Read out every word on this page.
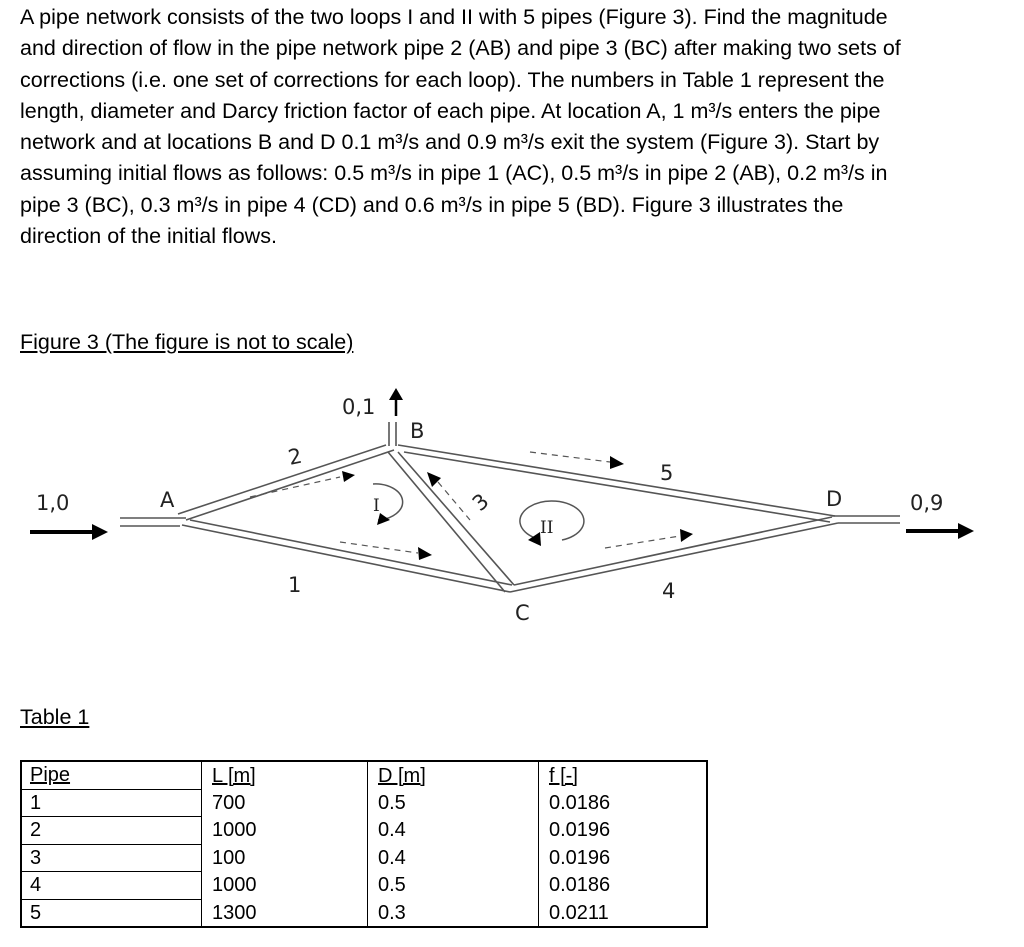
A pipe network consists of the two loops I and II with 5 pipes (Figure 3). Find the magnitude
and direction of flow in the pipe network pipe 2 (AB) and pipe 3 (BC) after making two sets of
corrections (i.e. one set of corrections for each loop). The numbers in Table 1 represent the
length, diameter and Darcy friction factor of each pipe. At location A, 1 m³/s enters the pipe
network and at locations B and D 0.1 m³/s and 0.9 m³/s exit the system (Figure 3). Start by
assuming initial flows as follows: 0.5 m³/s in pipe 1 (AC), 0.5 m³/s in pipe 2 (AB), 0.2 m³/s in
pipe 3 (BC), 0.3 m³/s in pipe 4 (CD) and 0.6 m³/s in pipe 5 (BD). Figure 3 illustrates the
direction of the initial flows.
Figure 3 (The figure is not to scale)
1,0	0,9
0,1
A
B
C
D
1
2
3
4
5
I
II
Table 1
Pipe	L [m]	D [m]	f [-]
1	700	0.5	0.0186
2	1000	0.4	0.0196
3	100	0.4	0.0196
4	1000	0.5	0.0186
5	1300	0.3	0.0211
